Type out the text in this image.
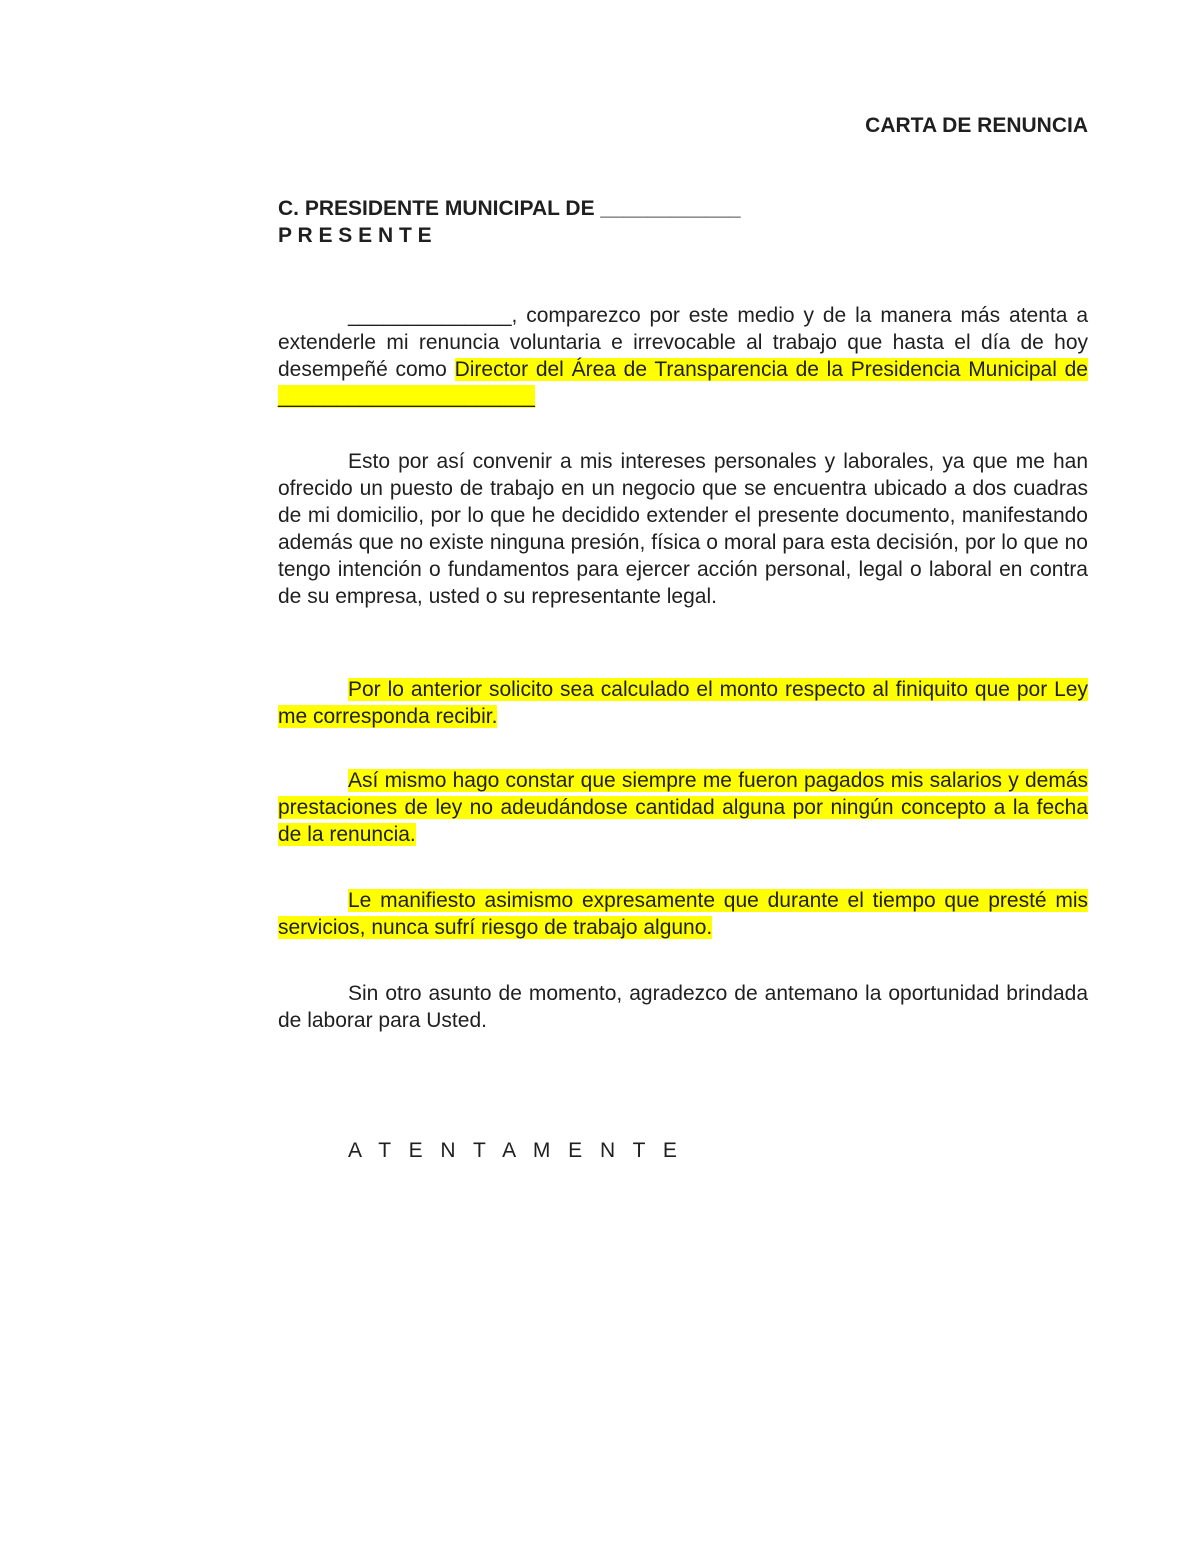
CARTA DE RENUNCIA
C. PRESIDENTE MUNICIPAL DE ____________
P R E S E N T E

______________, comparezco por este medio y de la manera más atenta a extenderle mi renuncia voluntaria e irrevocable al trabajo que hasta el día de hoy desempeñé como Director del Área de Transparencia de la Presidencia Municipal de ______________________

Esto por así convenir a mis intereses personales y laborales, ya que me han ofrecido un puesto de trabajo en un negocio que se encuentra ubicado a dos cuadras de mi domicilio, por lo que he decidido extender el presente documento, manifestando además que no existe ninguna presión, física o moral para esta decisión, por lo que no tengo intención o fundamentos para ejercer acción personal, legal o laboral en contra de su empresa, usted o su representante legal.

Por lo anterior solicito sea calculado el monto respecto al finiquito que por Ley me corresponda recibir.

Así mismo hago constar que siempre me fueron pagados mis salarios y demás prestaciones de ley no adeudándose cantidad alguna por ningún concepto a la fecha de la renuncia.

Le manifiesto asimismo expresamente que durante el tiempo que presté mis servicios, nunca sufrí riesgo de trabajo alguno.

Sin otro asunto de momento, agradezco de antemano la oportunidad brindada de laborar para Usted.

A T E N T A M E N T E
